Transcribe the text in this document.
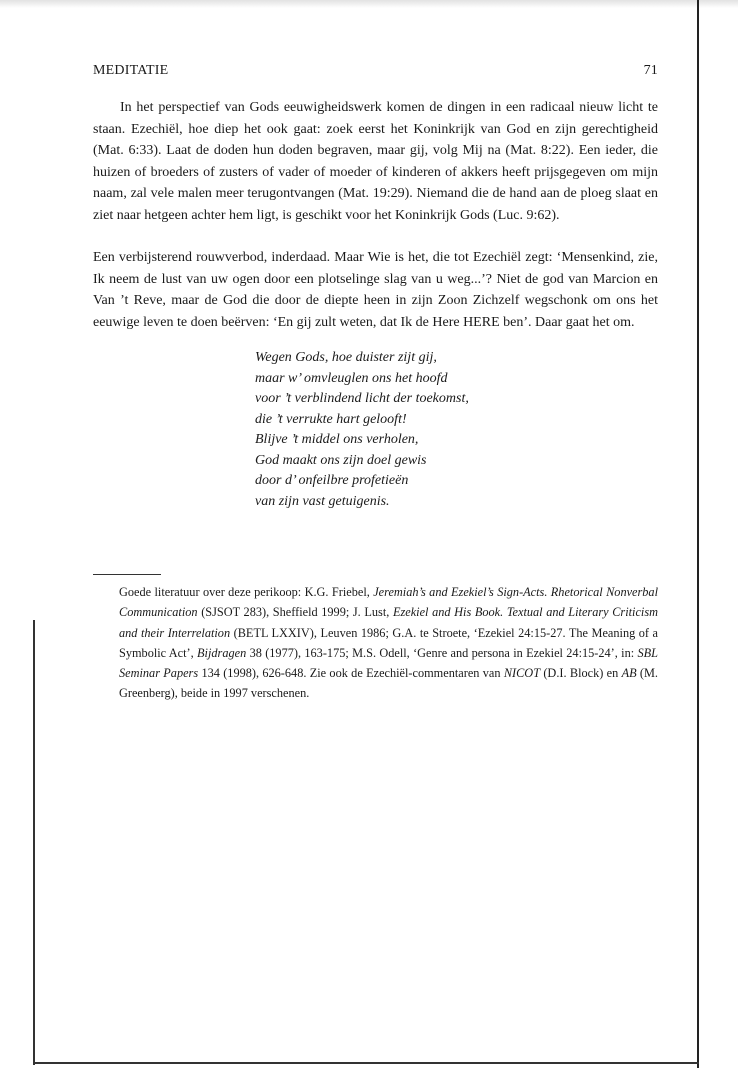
MEDITATIE	71

In het perspectief van Gods eeuwigheidswerk komen de dingen in een radicaal nieuw licht te staan. Ezechiël, hoe diep het ook gaat: zoek eerst het Koninkrijk van God en zijn gerechtigheid (Mat. 6:33). Laat de doden hun doden begraven, maar gij, volg Mij na (Mat. 8:22). Een ieder, die huizen of broeders of zusters of vader of moeder of kinderen of akkers heeft prijsgegeven om mijn naam, zal vele malen meer terugontvangen (Mat. 19:29). Niemand die de hand aan de ploeg slaat en ziet naar hetgeen achter hem ligt, is geschikt voor het Koninkrijk Gods (Luc. 9:62).

Een verbijsterend rouwverbod, inderdaad. Maar Wie is het, die tot Ezechiël zegt: ‘Mensenkind, zie, Ik neem de lust van uw ogen door een plotselinge slag van u weg...’? Niet de god van Marcion en Van ’t Reve, maar de God die door de diepte heen in zijn Zoon Zichzelf wegschonk om ons het eeuwige leven te doen beërven: ‘En gij zult weten, dat Ik de Here HERE ben’. Daar gaat het om.

Wegen Gods, hoe duister zijt gij,
maar w’ omvleuglen ons het hoofd
voor ’t verblindend licht der toekomst,
die ’t verrukte hart gelooft!
Blijve ’t middel ons verholen,
God maakt ons zijn doel gewis
door d’ onfeilbre profetieën
van zijn vast getuigenis.
Goede literatuur over deze perikoop: K.G. Friebel, Jeremiah’s and Ezekiel’s Sign-Acts. Rhetorical Nonverbal Communication (SJSOT 283), Sheffield 1999; J. Lust, Ezekiel and His Book. Textual and Literary Criticism and their Interrelation (BETL LXXIV), Leuven 1986; G.A. te Stroete, ‘Ezekiel 24:15-27. The Meaning of a Symbolic Act’, Bijdragen 38 (1977), 163-175; M.S. Odell, ‘Genre and persona in Ezekiel 24:15-24’, in: SBL Seminar Papers 134 (1998), 626-648. Zie ook de Ezechiël-commentaren van NICOT (D.I. Block) en AB (M. Greenberg), beide in 1997 verschenen.
